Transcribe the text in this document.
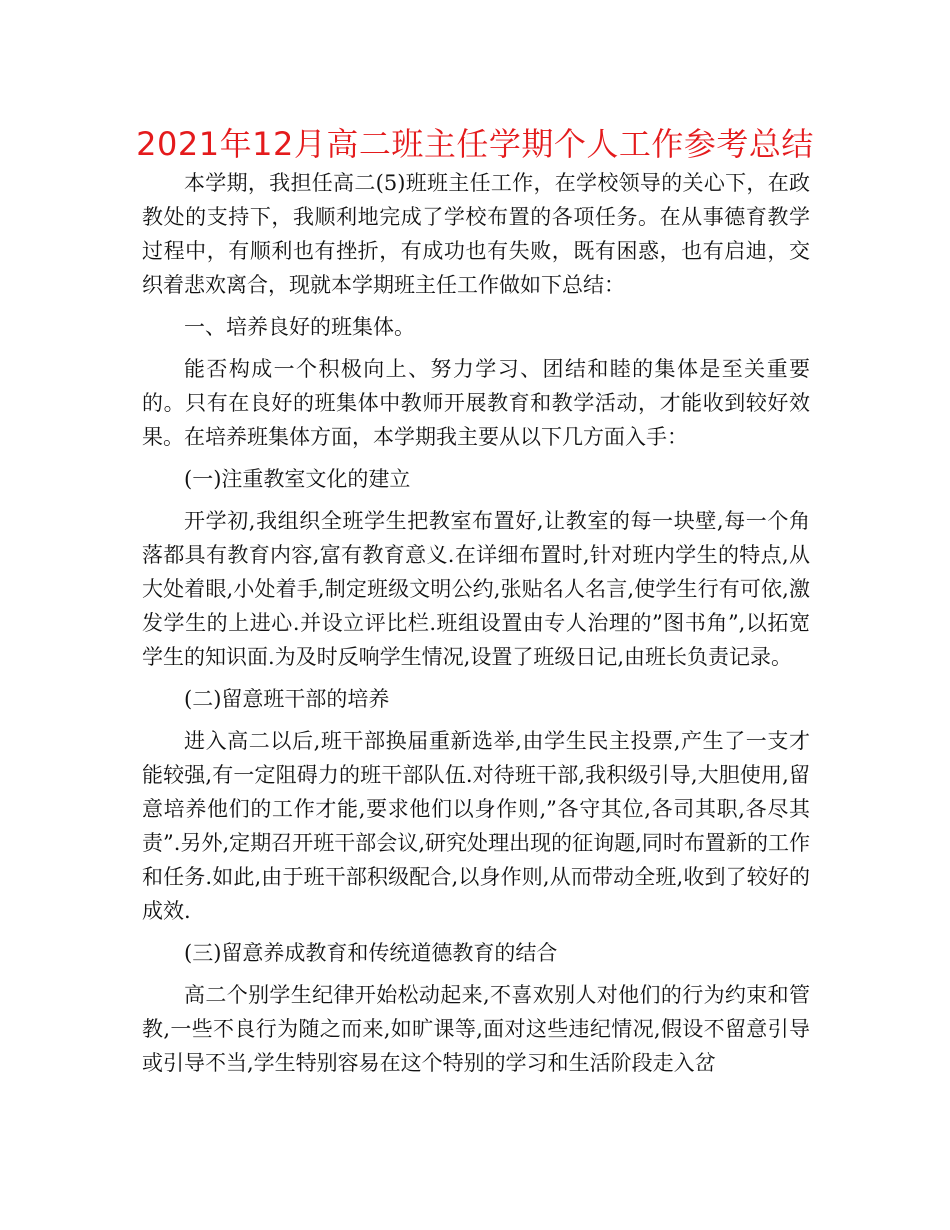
2021年12月高二班主任学期个人工作参考总结

本学期，我担任高二(5)班班主任工作，在学校领导的关心下，在政教处的支持下，我顺利地完成了学校布置的各项任务。在从事德育教学过程中，有顺利也有挫折，有成功也有失败，既有困惑，也有启迪，交织着悲欢离合，现就本学期班主任工作做如下总结：

一、培养良好的班集体。

能否构成一个积极向上、努力学习、团结和睦的集体是至关重要的。只有在良好的班集体中教师开展教育和教学活动，才能收到较好效果。在培养班集体方面，本学期我主要从以下几方面入手：

(一)注重教室文化的建立

开学初,我组织全班学生把教室布置好,让教室的每一块壁,每一个角落都具有教育内容,富有教育意义.在详细布置时,针对班内学生的特点,从大处着眼,小处着手,制定班级文明公约,张贴名人名言,使学生行有可依,激发学生的上进心.并设立评比栏.班组设置由专人治理的”图书角”,以拓宽学生的知识面.为及时反响学生情况,设置了班级日记,由班长负责记录。

(二)留意班干部的培养

进入高二以后,班干部换届重新选举,由学生民主投票,产生了一支才能较强,有一定阻碍力的班干部队伍.对待班干部,我积级引导,大胆使用,留意培养他们的工作才能,要求他们以身作则,”各守其位,各司其职,各尽其责”.另外,定期召开班干部会议,研究处理出现的征询题,同时布置新的工作和任务.如此,由于班干部积级配合,以身作则,从而带动全班,收到了较好的成效.

(三)留意养成教育和传统道德教育的结合

高二个别学生纪律开始松动起来,不喜欢别人对他们的行为约束和管教,一些不良行为随之而来,如旷课等,面对这些违纪情况,假设不留意引导或引导不当,学生特别容易在这个特别的学习和生活阶段走入岔
